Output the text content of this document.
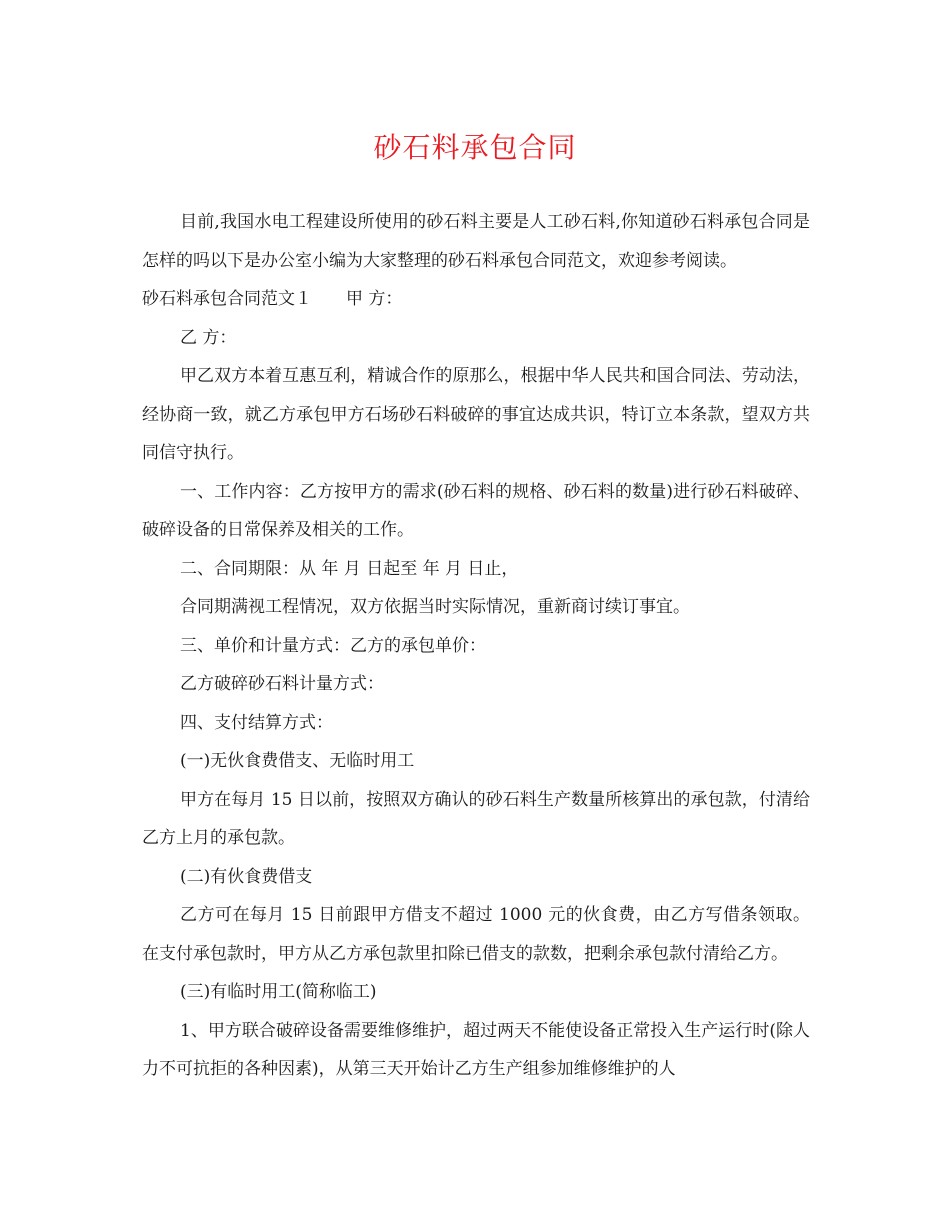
砂石料承包合同

目前,我国水电工程建设所使用的砂石料主要是人工砂石料,你知道砂石料承包合同是怎样的吗以下是办公室小编为大家整理的砂石料承包合同范文，欢迎参考阅读。

砂石料承包合同范文１ 甲 方：

乙 方：

甲乙双方本着互惠互利，精诚合作的原那么，根据中华人民共和国合同法、劳动法，经协商一致，就乙方承包甲方石场砂石料破碎的事宜达成共识，特订立本条款，望双方共同信守执行。

一、工作内容：乙方按甲方的需求(砂石料的规格、砂石料的数量)进行砂石料破碎、破碎设备的日常保养及相关的工作。

二、合同期限：从 年 月 日起至 年 月 日止，

合同期满视工程情况，双方依据当时实际情况，重新商讨续订事宜。

三、单价和计量方式：乙方的承包单价：

乙方破碎砂石料计量方式：

四、支付结算方式：

(一)无伙食费借支、无临时用工

甲方在每月 15 日以前，按照双方确认的砂石料生产数量所核算出的承包款，付清给乙方上月的承包款。

(二)有伙食费借支

乙方可在每月 15 日前跟甲方借支不超过 1000 元的伙食费，由乙方写借条领取。在支付承包款时，甲方从乙方承包款里扣除已借支的款数，把剩余承包款付清给乙方。

(三)有临时用工(简称临工)

1、甲方联合破碎设备需要维修维护，超过两天不能使设备正常投入生产运行时(除人力不可抗拒的各种因素)，从第三天开始计乙方生产组参加维修维护的人
